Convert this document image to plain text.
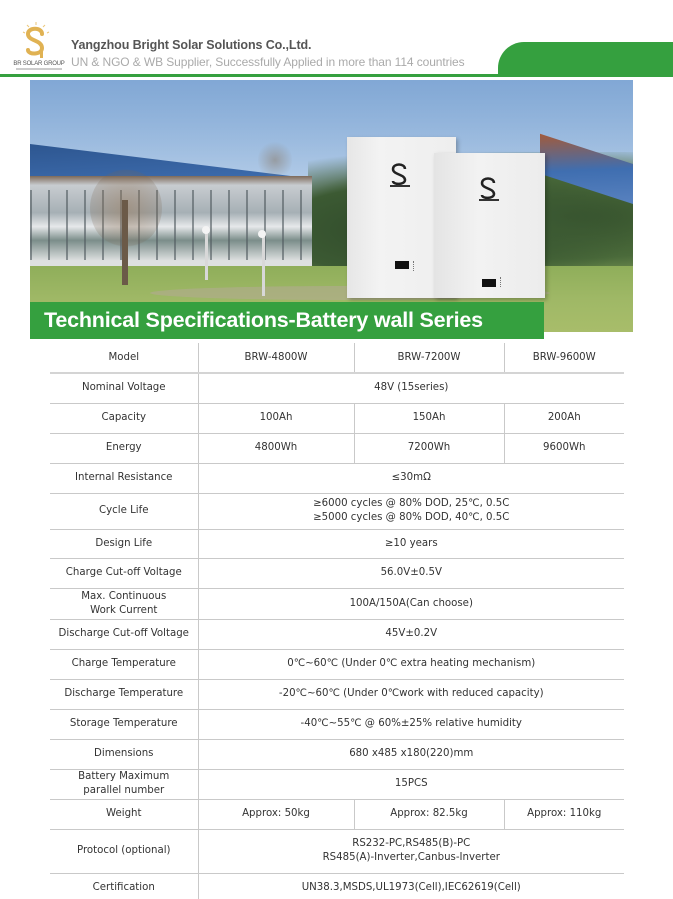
BR SOLAR GROUP
Yangzhou Bright Solar Solutions Co.,Ltd.
UN & NGO & WB Supplier, Successfully Applied in more than 114 countries
Technical Specifications-Battery wall Series
Model	BRW-4800W	BRW-7200W	BRW-9600W
Nominal Voltage	48V (15series)		
Capacity	100Ah	150Ah	200Ah
Energy	4800Wh	7200Wh	9600Wh
Internal Resistance	≤30mΩ		
Cycle Life	≥6000 cycles @ 80% DOD, 25℃, 0.5C
≥5000 cycles @ 80% DOD, 40℃, 0.5C		

Design Life	≥10 years		
Charge Cut-off Voltage	56.0V±0.5V		

Max. Continuous
Work Current	100A/150A(Can choose)		
Discharge Cut-off Voltage	45V±0.2V		
Charge Temperature	0℃~60℃ (Under 0℃ extra heating mechanism)		
Discharge Temperature	-20℃~60℃ (Under 0℃work with reduced capacity)		
Storage Temperature	-40℃~55℃ @ 60%±25% relative humidity		
Dimensions	680 x485 x180(220)mm		

Battery Maximum
parallel number	15PCS		
Weight	Approx: 50kg	Approx: 82.5kg	Approx: 110kg
Protocol (optional)	RS232-PC,RS485(B)-PC
RS485(A)-Inverter,Canbus-Inverter		

Certification	UN38.3,MSDS,UL1973(Cell),IEC62619(Cell)		
